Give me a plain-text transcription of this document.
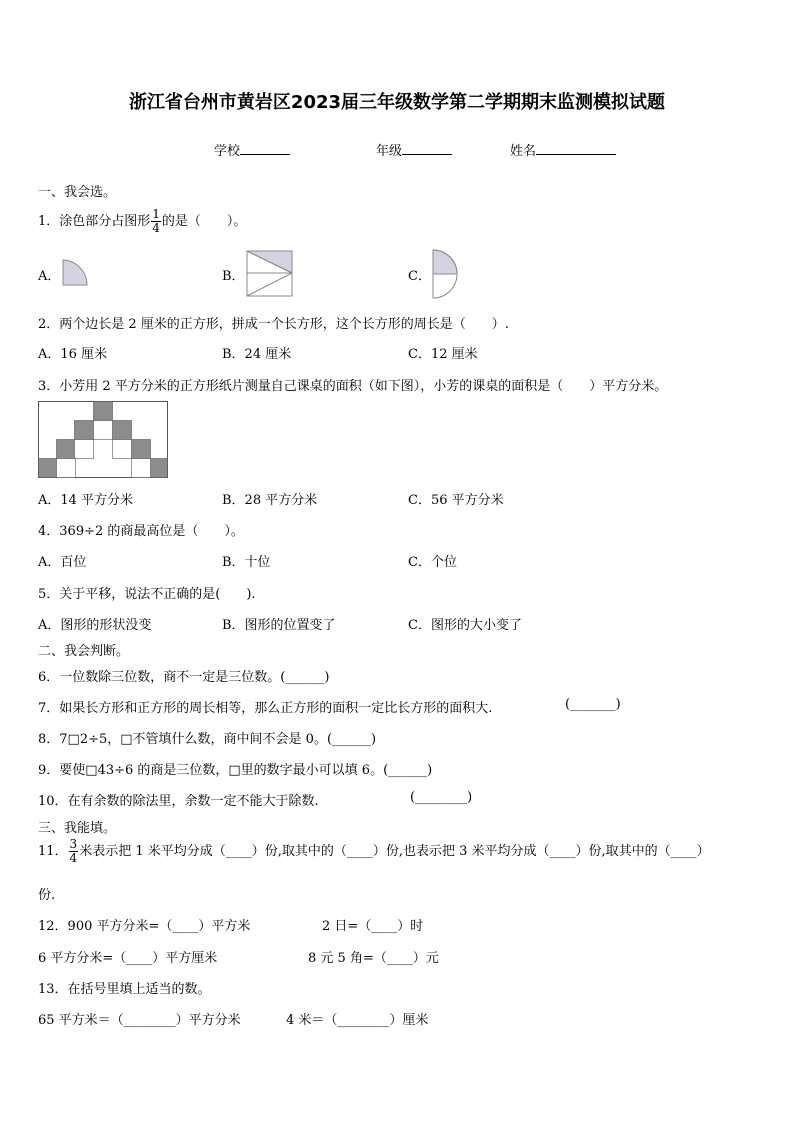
浙江省台州市黄岩区2023届三年级数学第二学期期末监测模拟试题
学校	年级	姓名
一、我会选。
1．涂色部分占图形 $\frac{1}{4}$ 的是（　　）。
A．	B．	C．
2．两个边长是 2 厘米的正方形，拼成一个长方形，这个长方形的周长是（　　）.
A．16 厘米	B．24 厘米	C．12 厘米
3．小芳用 2 平方分米的正方形纸片测量自己课桌的面积（如下图），小芳的课桌的面积是（　　）平方分米。
A．14 平方分米	B．28 平方分米	C．56 平方分米
4．369÷2 的商最高位是（　　）。
A．百位	B．十位	C．个位
5．关于平移，说法不正确的是(　　).
A．图形的形状没变	B．图形的位置变了	C．图形的大小变了
二、我会判断。
6．一位数除三位数，商不一定是三位数。(______)
7．如果长方形和正方形的周长相等，那么正方形的面积一定比长方形的面积大.	(_______)
8．7□2÷5，□不管填什么数，商中间不会是 0。(______)
9．要使□43÷6 的商是三位数，□里的数字最小可以填 6。(______)
10．在有余数的除法里，余数一定不能大于除数.	(________)
三、我能填。
11． $\frac{3}{4}$ 米表示把 1 米平均分成（____）份,取其中的（____）份,也表示把 3 米平均分成（____）份,取其中的（____）
份.
12．900 平方分米=（____）平方米	2 日=（____）时
6 平方分米=（____）平方厘米	8 元 5 角=（____）元
13．在括号里填上适当的数。
65 平方米＝（________）平方分米	4 米＝（________）厘米
